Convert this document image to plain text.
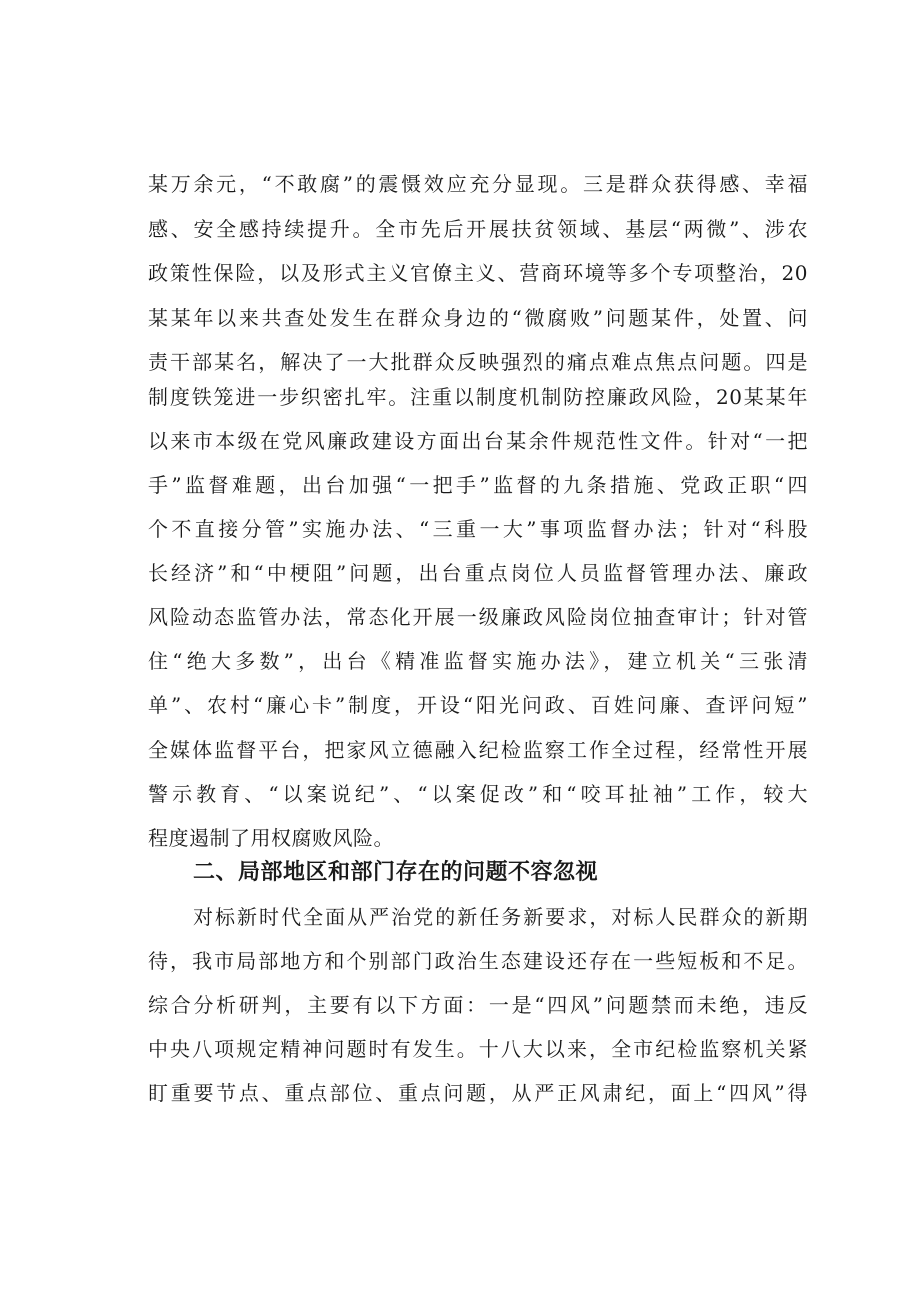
某万余元，“不敢腐”的震慑效应充分显现。三是群众获得感、幸福
感、安全感持续提升。全市先后开展扶贫领域、基层“两微”、涉农
政策性保险，以及形式主义官僚主义、营商环境等多个专项整治，20
某某年以来共查处发生在群众身边的“微腐败”问题某件，处置、问
责干部某名，解决了一大批群众反映强烈的痛点难点焦点问题。四是
制度铁笼进一步织密扎牢。注重以制度机制防控廉政风险，20某某年
以来市本级在党风廉政建设方面出台某余件规范性文件。针对“一把
手”监督难题，出台加强“一把手”监督的九条措施、党政正职“四
个不直接分管”实施办法、“三重一大”事项监督办法；针对“科股
长经济”和“中梗阻”问题，出台重点岗位人员监督管理办法、廉政
风险动态监管办法，常态化开展一级廉政风险岗位抽查审计；针对管
住“绝大多数”，出台《精准监督实施办法》，建立机关“三张清
单”、农村“廉心卡”制度，开设“阳光问政、百姓问廉、查评问短”
全媒体监督平台，把家风立德融入纪检监察工作全过程，经常性开展
警示教育、“以案说纪”、“以案促改”和“咬耳扯袖”工作，较大
程度遏制了用权腐败风险。
二、局部地区和部门存在的问题不容忽视
对标新时代全面从严治党的新任务新要求，对标人民群众的新期
待，我市局部地方和个别部门政治生态建设还存在一些短板和不足。
综合分析研判，主要有以下方面：一是“四风”问题禁而未绝，违反
中央八项规定精神问题时有发生。十八大以来，全市纪检监察机关紧
盯重要节点、重点部位、重点问题，从严正风肃纪，面上“四风”得
